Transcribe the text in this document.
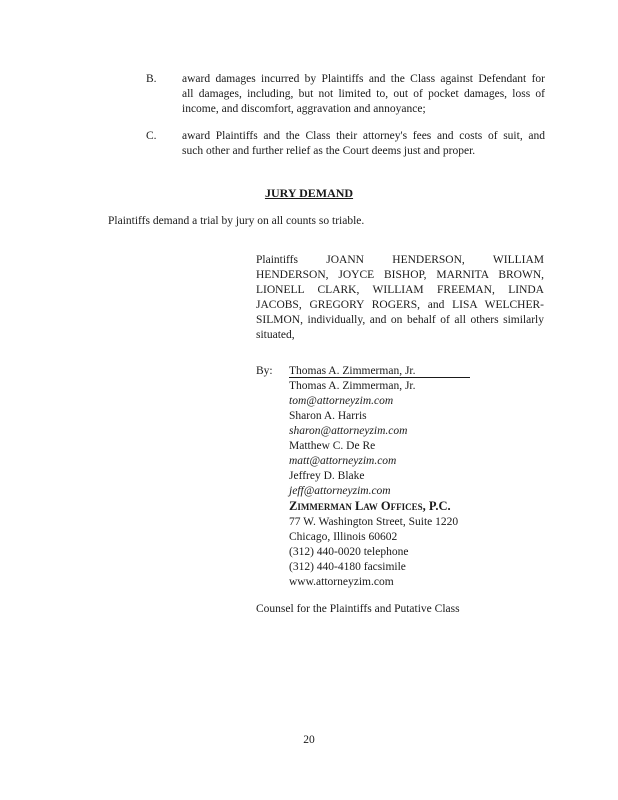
B. award damages incurred by Plaintiffs and the Class against Defendant for
all damages, including, but not limited to, out of pocket damages, loss of
income, and discomfort, aggravation and annoyance;
C. award Plaintiffs and the Class their attorney's fees and costs of suit, and
such other and further relief as the Court deems just and proper.
JURY DEMAND
Plaintiffs demand a trial by jury on all counts so triable.
Plaintiffs    JOANN    HENDERSON,    WILLIAM
HENDERSON, JOYCE BISHOP, MARNITA BROWN,
LIONELL CLARK, WILLIAM FREEMAN, LINDA
JACOBS, GREGORY ROGERS, and LISA WELCHER-
SILMON, individually, and on behalf of all others similarly
situated,
By: Thomas A. Zimmerman, Jr.
Thomas A. Zimmerman, Jr.
tom@attorneyzim.com
Sharon A. Harris
sharon@attorneyzim.com
Matthew C. De Re
matt@attorneyzim.com
Jeffrey D. Blake
jeff@attorneyzim.com
Zimmerman Law Offices, P.C.
77 W. Washington Street, Suite 1220
Chicago, Illinois 60602
(312) 440-0020 telephone
(312) 440-4180 facsimile
www.attorneyzim.com
Counsel for the Plaintiffs and Putative Class
20
